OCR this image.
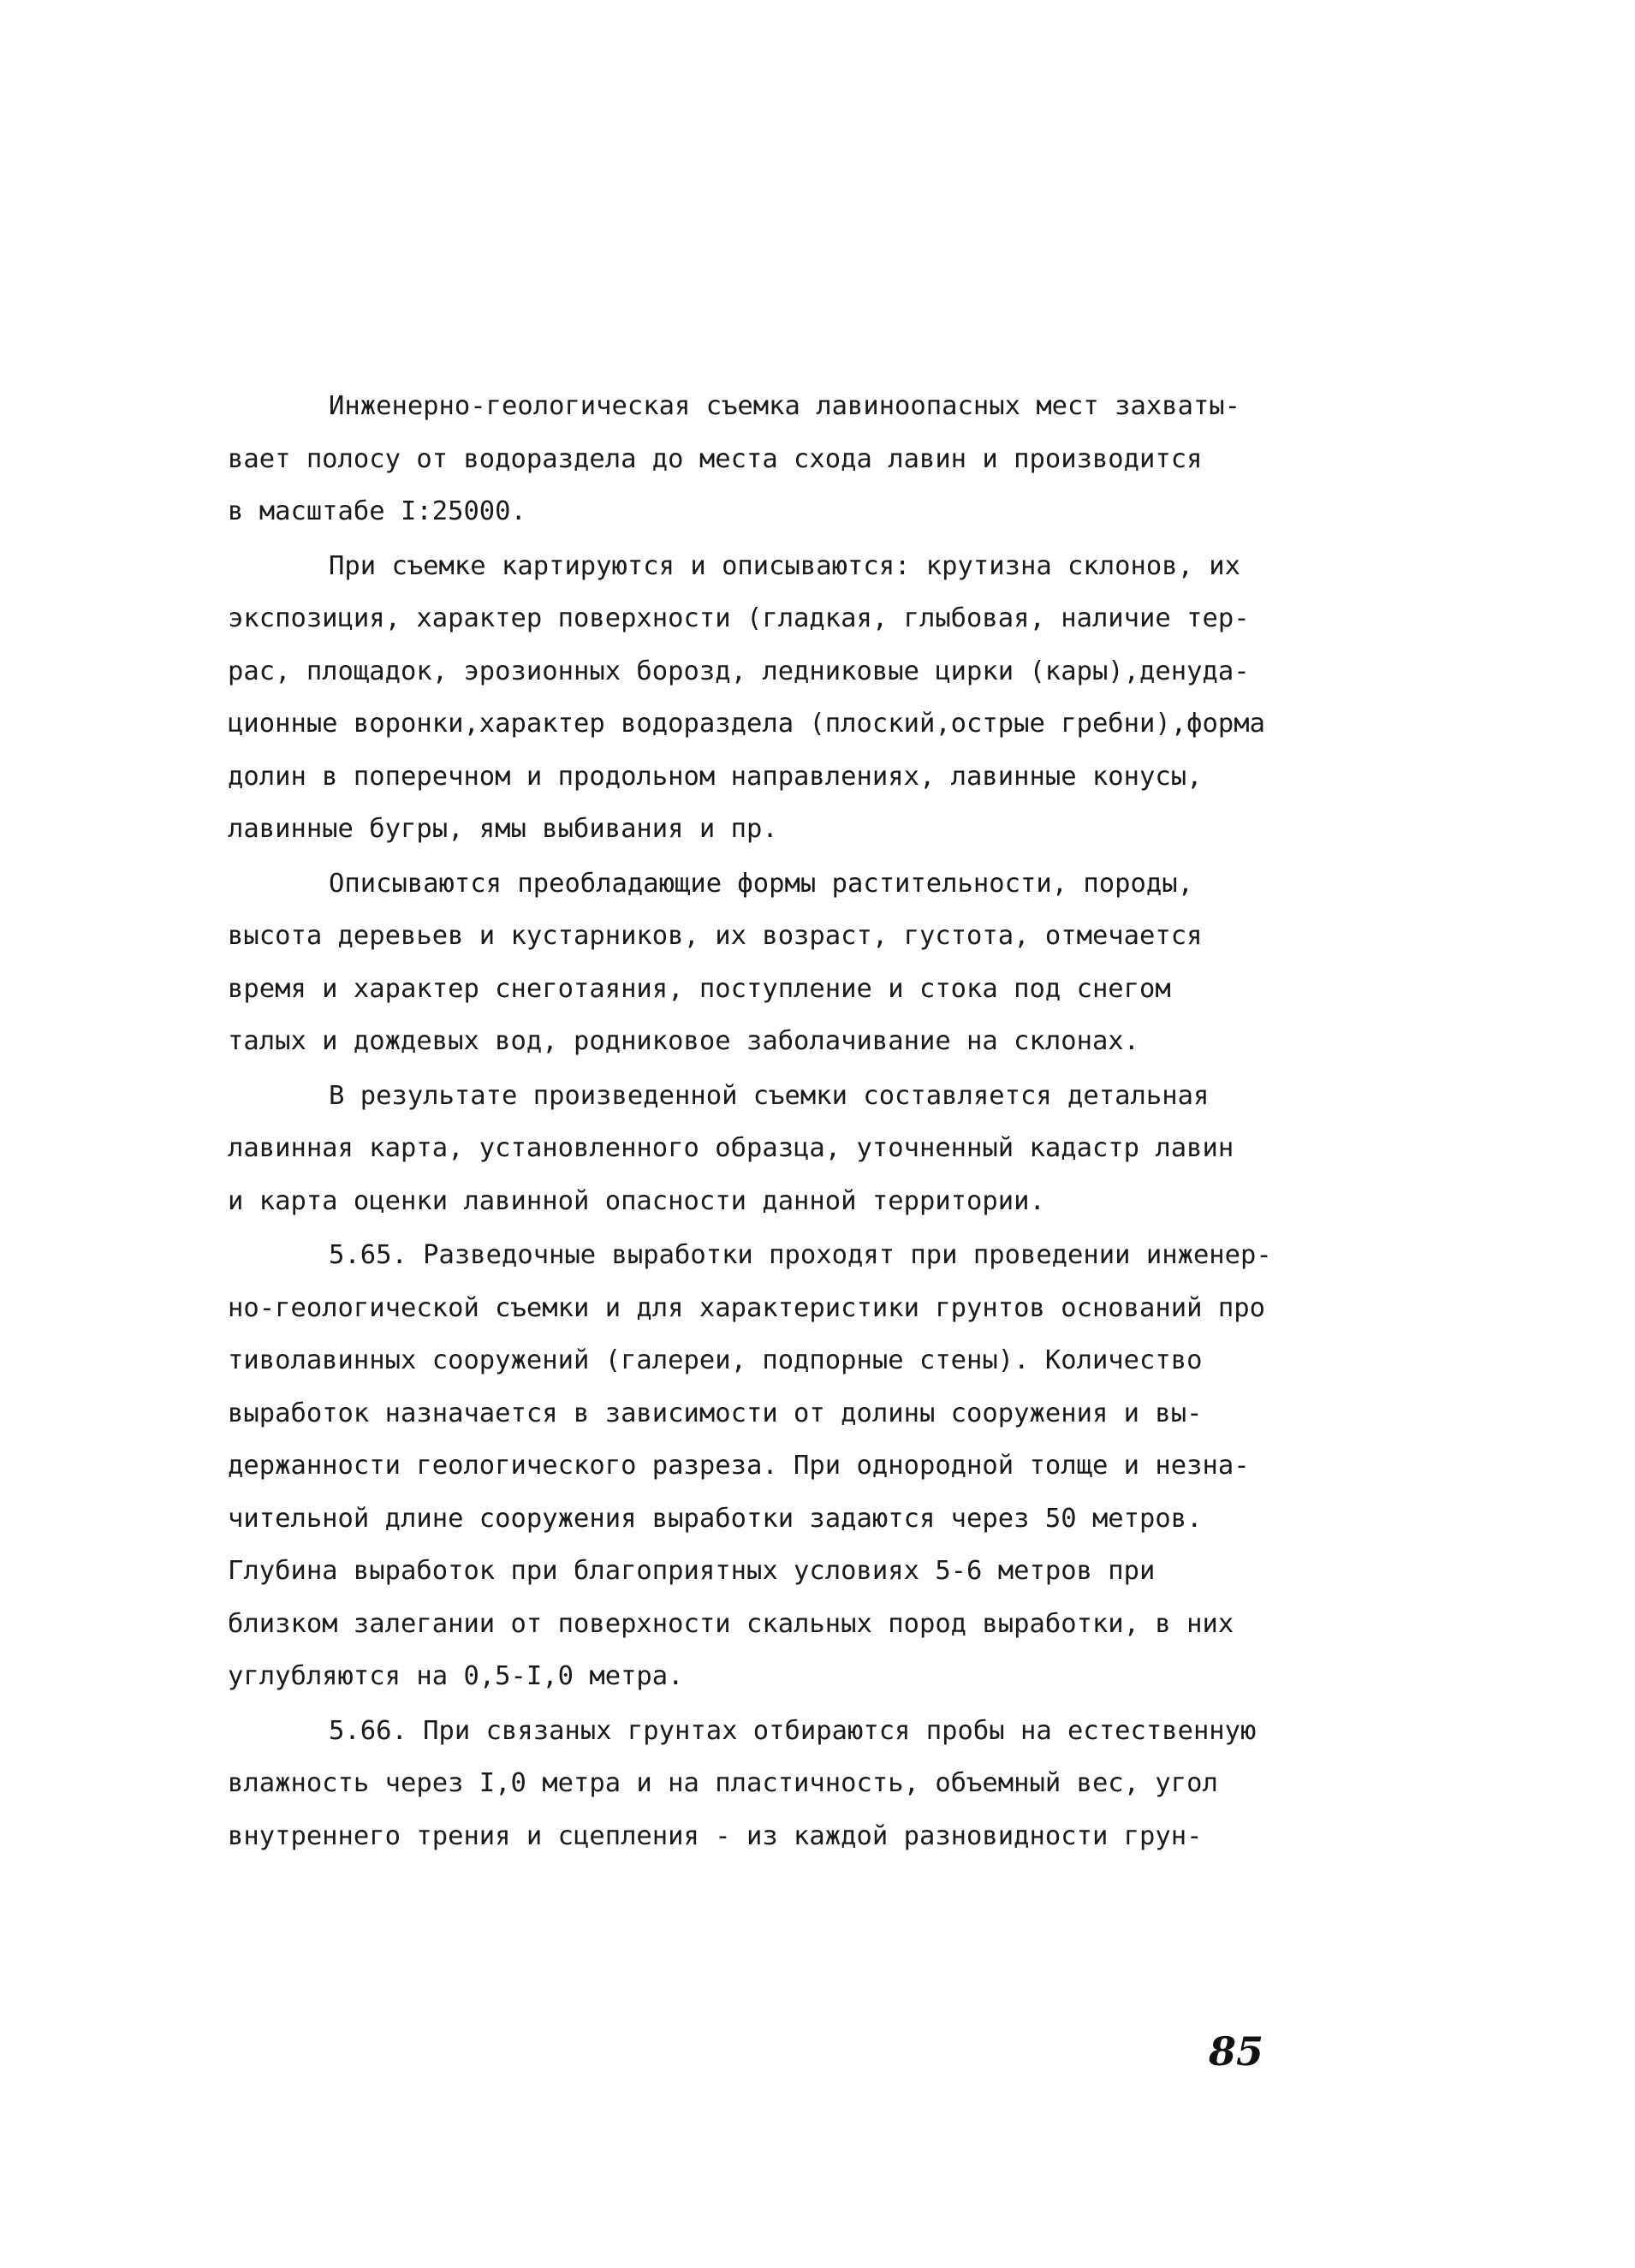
Инженерно-геологическая съемка лавиноопасных мест захваты-
вает полосу от водораздела до места схода лавин и производится
в масштабе I:25000.
При съемке картируются и описываются: крутизна склонов, их
экспозиция, характер поверхности (гладкая, глыбовая, наличие тер-
рас, площадок, эрозионных борозд, ледниковые цирки (кары),денуда-
ционные воронки,характер водораздела (плоский,острые гребни),форма
долин в поперечном и продольном направлениях, лавинные конусы,
лавинные бугры, ямы выбивания и пр.
Описываются преобладающие формы растительности, породы,
высота деревьев и кустарников, их возраст, густота, отмечается
время и характер снеготаяния, поступление и стока под снегом
талых и дождевых вод, родниковое заболачивание на склонах.
В результате произведенной съемки составляется детальная
лавинная карта, установленного образца, уточненный кадастр лавин
и карта оценки лавинной опасности данной территории.
5.65. Разведочные выработки проходят при проведении инженер-
но-геологической съемки и для характеристики грунтов оснований про
тиволавинных сооружений (галереи, подпорные стены). Количество
выработок назначается в зависимости от долины сооружения и вы-
держанности геологического разреза. При однородной толще и незна-
чительной длине сооружения выработки задаются через 50 метров.
Глубина выработок при благоприятных условиях 5-6 метров при
близком залегании от поверхности скальных пород выработки, в них
углубляются на 0,5-I,0 метра.
5.66. При связаных грунтах отбираются пробы на естественную
влажность через I,0 метра и на пластичность, объемный вес, угол
внутреннего трения и сцепления - из каждой разновидности грун-
85
